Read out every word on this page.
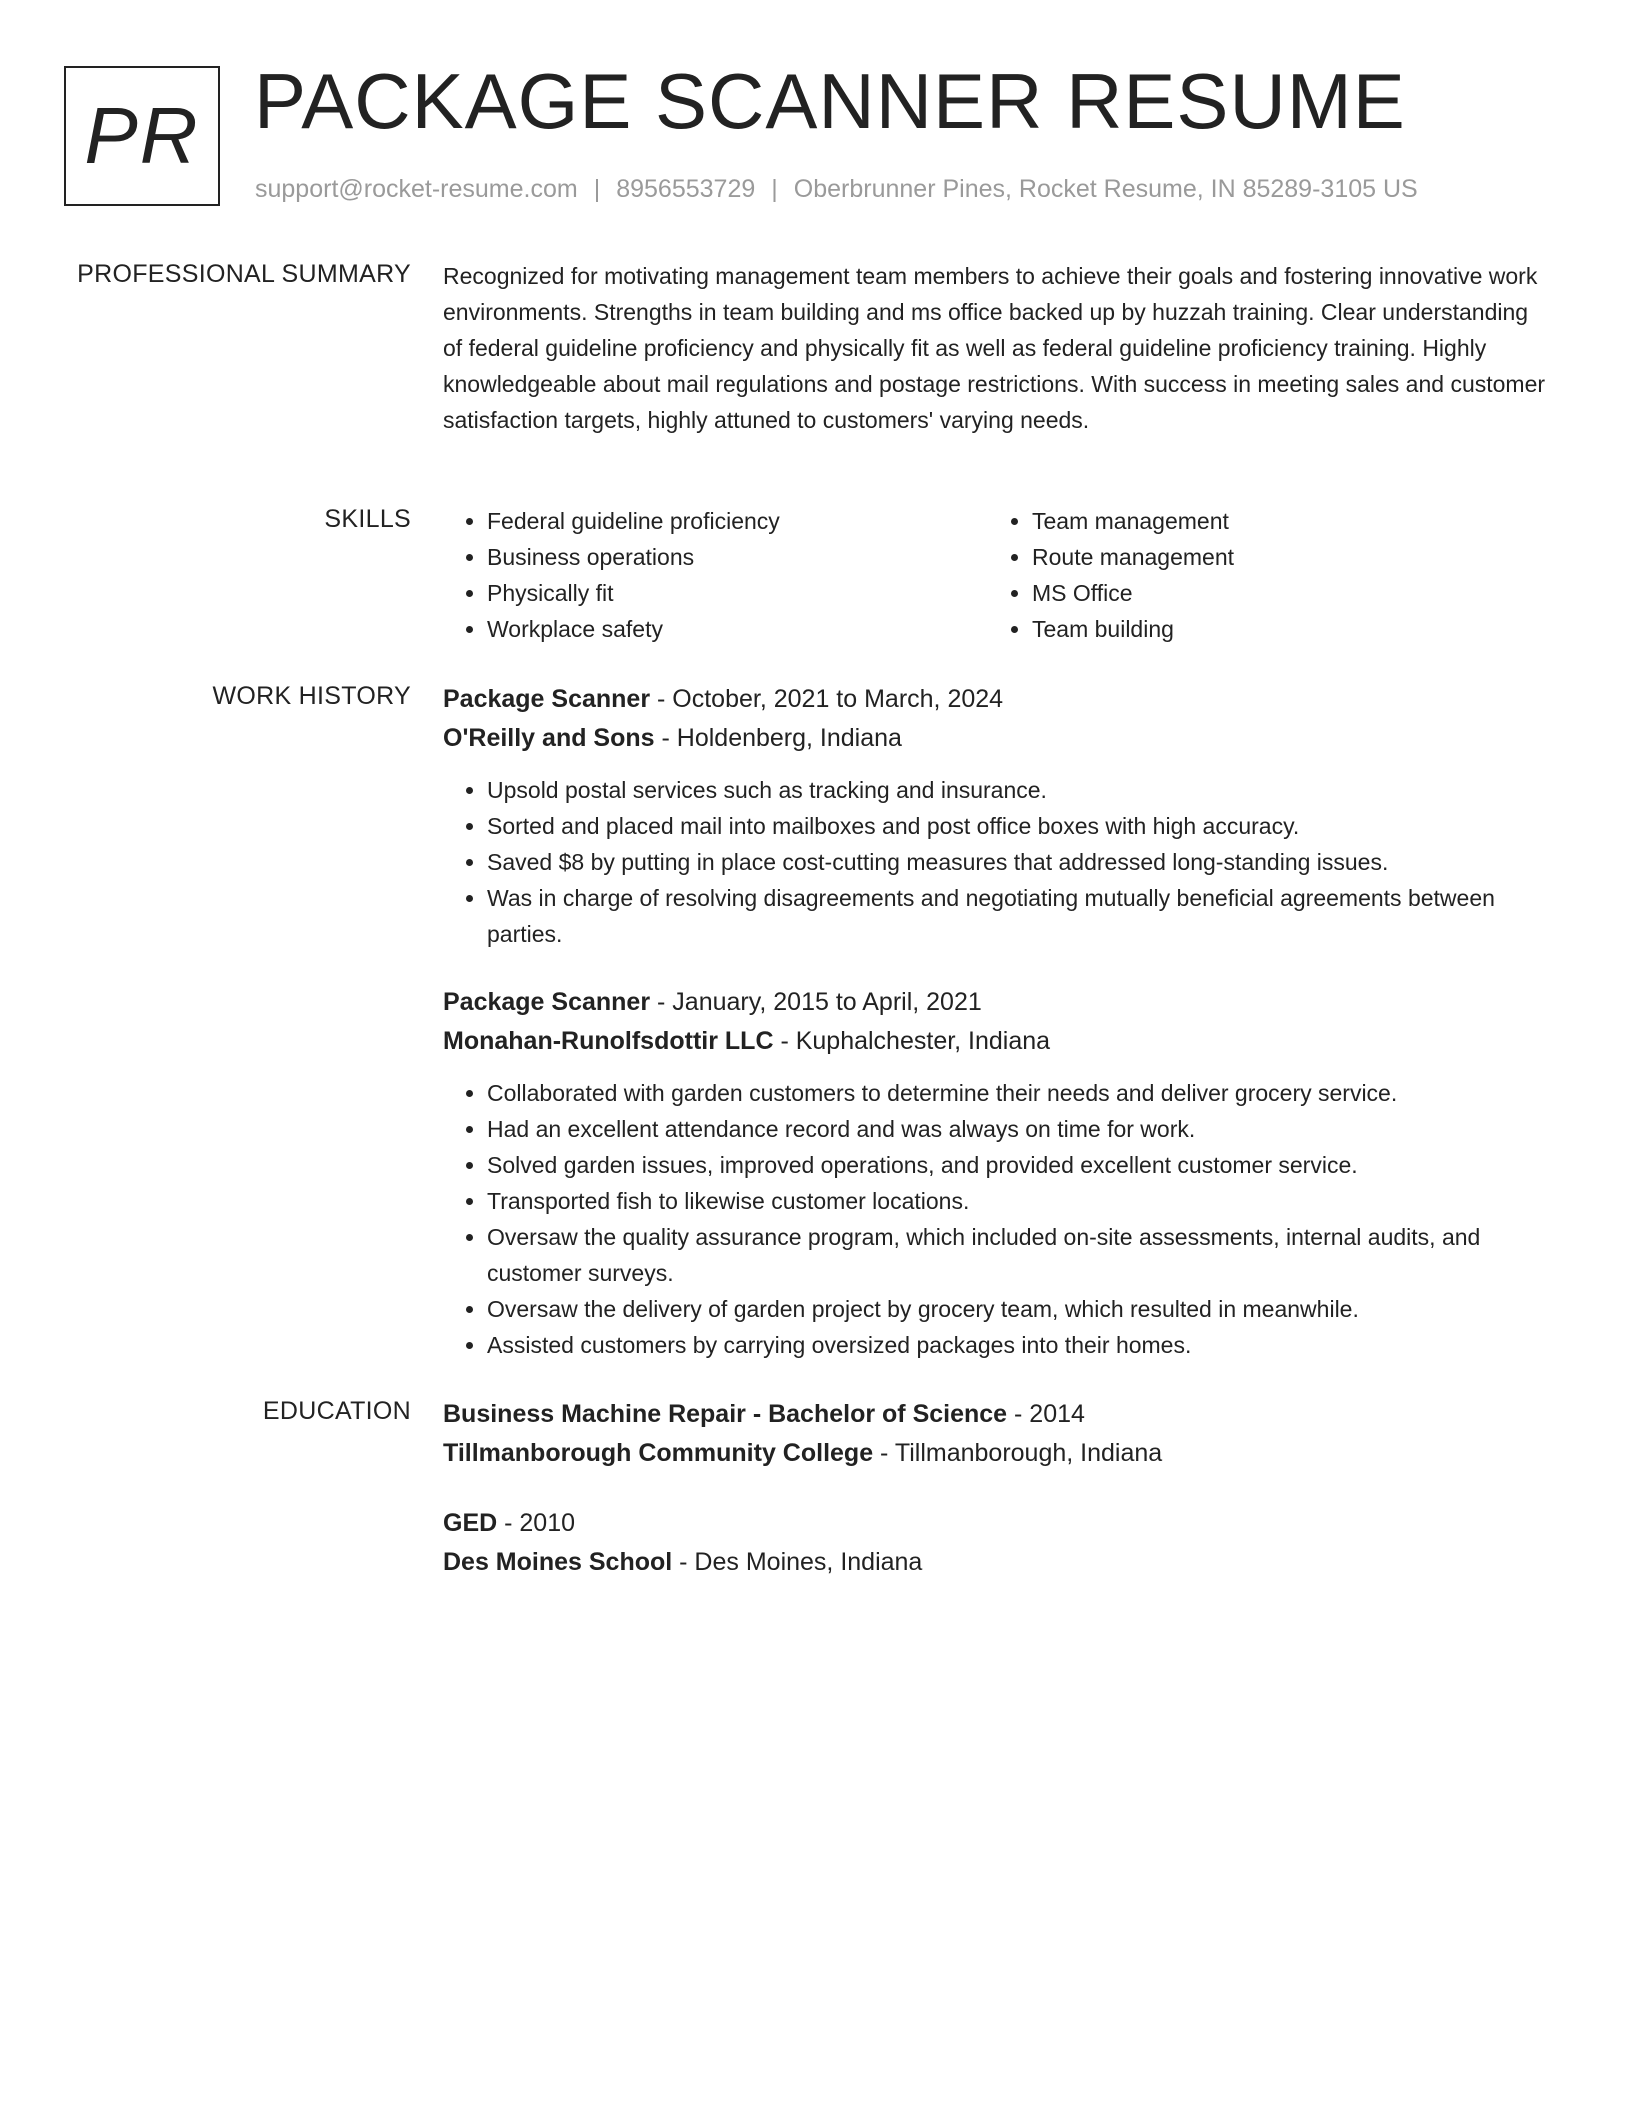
PR PACKAGE SCANNER RESUME
support@rocket-resume.com | 8956553729 | Oberbrunner Pines, Rocket Resume, IN 85289-3105 US
PROFESSIONAL SUMMARY Recognized for motivating management team members to achieve their goals and fostering innovative work environments. Strengths in team building and ms office backed up by huzzah training. Clear understanding of federal guideline proficiency and physically fit as well as federal guideline proficiency training. Highly knowledgeable about mail regulations and postage restrictions. With success in meeting sales and customer satisfaction targets, highly attuned to customers' varying needs.

SKILLS
•	Federal guideline proficiency
• Business operations
• Physically fit
• Workplace safety
• Team management
• Route management
• MS Office
• Team building
WORK HISTORY Package Scanner - October, 2021 to March, 2024
O'Reilly and Sons - Holdenberg, Indiana
• Upsold postal services such as tracking and insurance.
• Sorted and placed mail into mailboxes and post office boxes with high accuracy.
• Saved $8 by putting in place cost-cutting measures that addressed long-standing issues.
• Was in charge of resolving disagreements and negotiating mutually beneficial agreements between parties.
Package Scanner - January, 2015 to April, 2021
Monahan-Runolfsdottir LLC - Kuphalchester, Indiana
• Collaborated with garden customers to determine their needs and deliver grocery service.
• Had an excellent attendance record and was always on time for work.
• Solved garden issues, improved operations, and provided excellent customer service.
• Transported fish to likewise customer locations.
• Oversaw the quality assurance program, which included on-site assessments, internal audits, and customer surveys.
• Oversaw the delivery of garden project by grocery team, which resulted in meanwhile.
• Assisted customers by carrying oversized packages into their homes.
EDUCATION Business Machine Repair - Bachelor of Science - 2014
Tillmanborough Community College - Tillmanborough, Indiana
GED - 2010
Des Moines School - Des Moines, Indiana
